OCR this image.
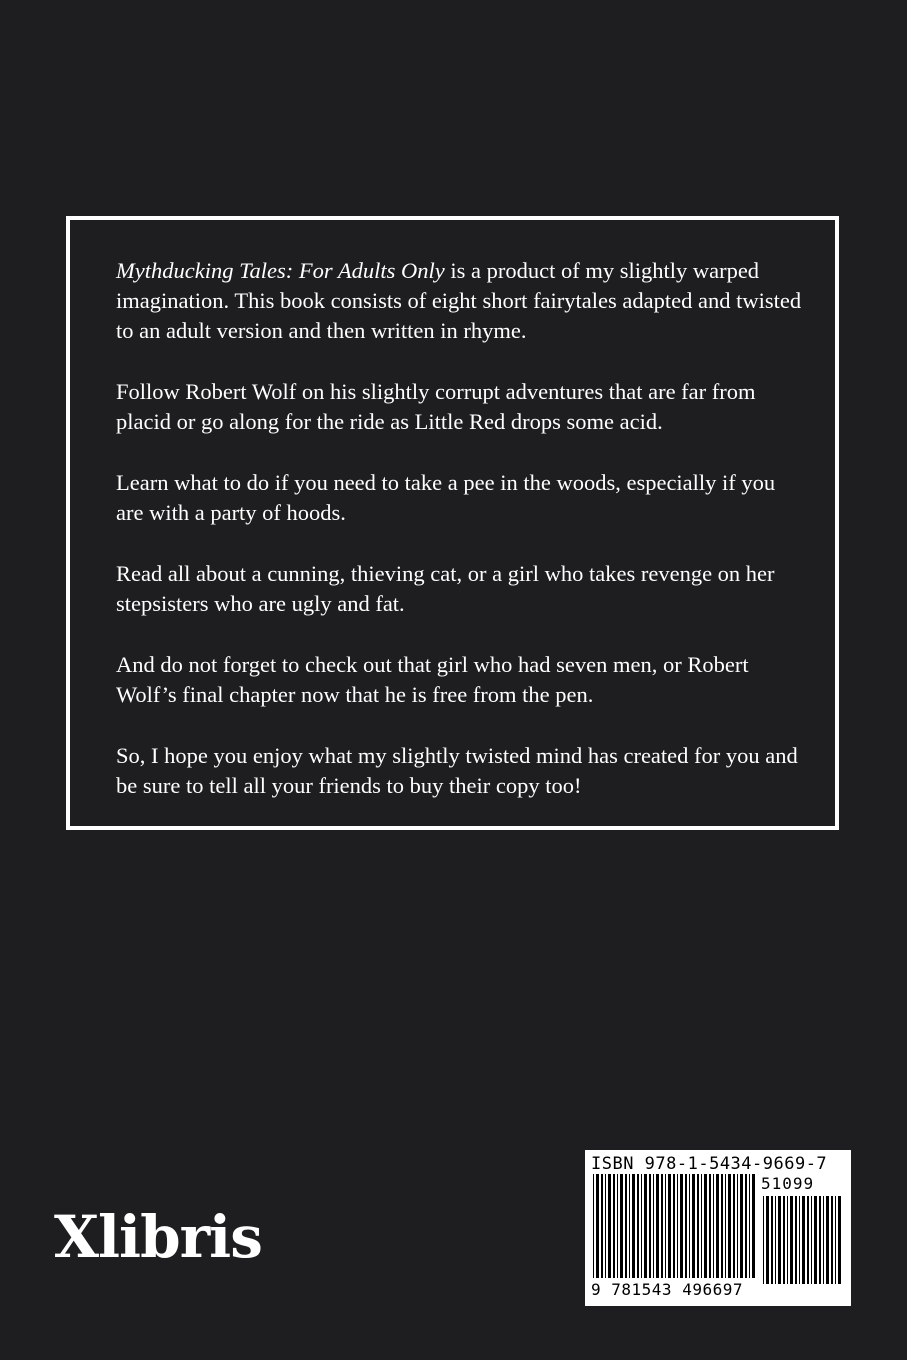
Mythducking Tales: For Adults Only is a product of my slightly warped imagination. This book consists of eight short fairytales adapted and twisted to an adult version and then written in rhyme.

Follow Robert Wolf on his slightly corrupt adventures that are far from placid or go along for the ride as Little Red drops some acid.

Learn what to do if you need to take a pee in the woods, especially if you are with a party of hoods.

Read all about a cunning, thieving cat, or a girl who takes revenge on her stepsisters who are ugly and fat.

And do not forget to check out that girl who had seven men, or Robert Wolf’s final chapter now that he is free from the pen.

So, I hope you enjoy what my slightly twisted mind has created for you and be sure to tell all your friends to buy their copy too!

Xlibris
ISBN 978-1-5434-9669-7
51099
9 781543 496697
